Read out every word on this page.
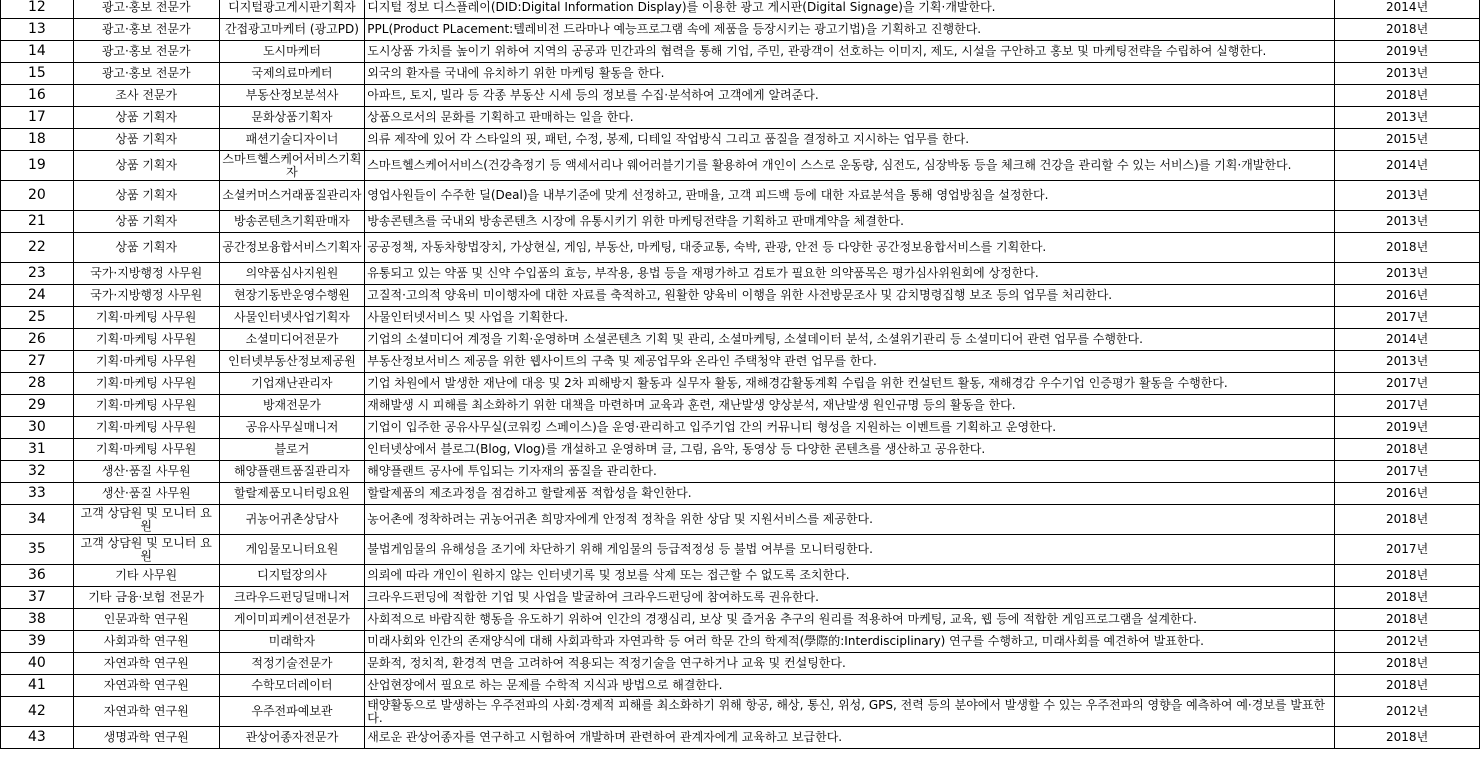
12	광고·홍보 전문가	디지털광고게시판기획자	디지털 정보 디스플레이(DID:Digital Information Display)를 이용한 광고 게시판(Digital Signage)을 기획·개발한다.	2014년
13	광고·홍보 전문가	간접광고마케터 (광고PD)	PPL(Product PLacement:텔레비전 드라마나 예능프로그램 속에 제품을 등장시키는 광고기법)을 기획하고 진행한다.	2018년
14	광고·홍보 전문가	도시마케터	도시상품 가치를 높이기 위하여 지역의 공공과 민간과의 협력을 통해 기업, 주민, 관광객이 선호하는 이미지, 제도, 시설을 구안하고 홍보 및 마케팅전략을 수립하여 실행한다.	2019년
15	광고·홍보 전문가	국제의료마케터	외국의 환자를 국내에 유치하기 위한 마케팅 활동을 한다.	2013년
16	조사 전문가	부동산정보분석사	아파트, 토지, 빌라 등 각종 부동산 시세 등의 정보를 수집·분석하여 고객에게 알려준다.	2018년
17	상품 기획자	문화상품기획자	상품으로서의 문화를 기획하고 판매하는 일을 한다.	2013년
18	상품 기획자	패션기술디자이너	의류 제작에 있어 각 스타일의 핏, 패턴, 수정, 봉제, 디테일 작업방식 그리고 품질을 결정하고 지시하는 업무를 한다.	2015년
19	상품 기획자	스마트헬스케어서비스기획자	스마트헬스케어서비스(건강측정기 등 액세서리나 웨어러블기기를 활용하여 개인이 스스로 운동량, 심전도, 심장박동 등을 체크해 건강을 관리할 수 있는 서비스)를 기획·개발한다.	2014년
20	상품 기획자	소셜커머스거래품질관리자	영업사원들이 수주한 딜(Deal)을 내부기준에 맞게 선정하고, 판매율, 고객 피드백 등에 대한 자료분석을 통해 영업방침을 설정한다.	2013년
21	상품 기획자	방송콘텐츠기획판매자	방송콘텐츠를 국내외 방송콘텐츠 시장에 유통시키기 위한 마케팅전략을 기획하고 판매계약을 체결한다.	2013년
22	상품 기획자	공간정보융합서비스기획자	공공정책, 자동차항법장치, 가상현실, 게임, 부동산, 마케팅, 대중교통, 숙박, 관광, 안전 등 다양한 공간정보융합서비스를 기획한다.	2018년
23	국가·지방행정 사무원	의약품심사지원원	유통되고 있는 약품 및 신약 수입품의 효능, 부작용, 용법 등을 재평가하고 검토가 필요한 의약품목은 평가심사위원회에 상정한다.	2013년
24	국가·지방행정 사무원	현장기동반운영수행원	고질적·고의적 양육비 미이행자에 대한 자료를 축적하고, 원활한 양육비 이행을 위한 사전방문조사 및 감치명령집행 보조 등의 업무를 처리한다.	2016년
25	기획·마케팅 사무원	사물인터넷사업기획자	사물인터넷서비스 및 사업을 기획한다.	2017년
26	기획·마케팅 사무원	소셜미디어전문가	기업의 소셜미디어 계정을 기획·운영하며 소셜콘텐츠 기획 및 관리, 소셜마케팅, 소셜데이터 분석, 소셜위기관리 등 소셜미디어 관련 업무를 수행한다.	2014년
27	기획·마케팅 사무원	인터넷부동산정보제공원	부동산정보서비스 제공을 위한 웹사이트의 구축 및 제공업무와 온라인 주택청약 관련 업무를 한다.	2013년
28	기획·마케팅 사무원	기업재난관리자	기업 차원에서 발생한 재난에 대응 및 2차 피해방지 활동과 실무자 활동, 재해경감활동계획 수립을 위한 컨설턴트 활동, 재해경감 우수기업 인증평가 활동을 수행한다.	2017년
29	기획·마케팅 사무원	방재전문가	재해발생 시 피해를 최소화하기 위한 대책을 마련하며 교육과 훈련, 재난발생 양상분석, 재난발생 원인규명 등의 활동을 한다.	2017년
30	기획·마케팅 사무원	공유사무실매니저	기업이 입주한 공유사무실(코워킹 스페이스)을 운영·관리하고 입주기업 간의 커뮤니티 형성을 지원하는 이벤트를 기획하고 운영한다.	2019년
31	기획·마케팅 사무원	블로거	인터넷상에서 블로그(Blog, Vlog)를 개설하고 운영하며 글, 그림, 음악, 동영상 등 다양한 콘텐츠를 생산하고 공유한다.	2018년
32	생산·품질 사무원	해양플랜트품질관리자	해양플랜트 공사에 투입되는 기자재의 품질을 관리한다.	2017년
33	생산·품질 사무원	할랄제품모니터링요원	할랄제품의 제조과정을 점검하고 할랄제품 적합성을 확인한다.	2016년
34	고객 상담원 및 모니터 요원	귀농어귀촌상담사	농어촌에 정착하려는 귀농어귀촌 희망자에게 안정적 정착을 위한 상담 및 지원서비스를 제공한다.	2018년
35	고객 상담원 및 모니터 요원	게임물모니터요원	불법게임물의 유해성을 조기에 차단하기 위해 게임물의 등급적정성 등 불법 여부를 모니터링한다.	2017년
36	기타 사무원	디지털장의사	의뢰에 따라 개인이 원하지 않는 인터넷기록 및 정보를 삭제 또는 접근할 수 없도록 조치한다.	2018년
37	기타 금융·보험 전문가	크라우드펀딩딜매니저	크라우드펀딩에 적합한 기업 및 사업을 발굴하여 크라우드펀딩에 참여하도록 권유한다.	2018년
38	인문과학 연구원	게이미피케이션전문가	사회적으로 바람직한 행동을 유도하기 위하여 인간의 경쟁심리, 보상 및 즐거움 추구의 원리를 적용하여 마케팅, 교육, 웹 등에 적합한 게임프로그램을 설계한다.	2018년
39	사회과학 연구원	미래학자	미래사회와 인간의 존재양식에 대해 사회과학과 자연과학 등 여러 학문 간의 학제적(學際的:Interdisciplinary) 연구를 수행하고, 미래사회를 예견하여 발표한다.	2012년
40	자연과학 연구원	적정기술전문가	문화적, 정치적, 환경적 면을 고려하여 적용되는 적정기술을 연구하거나 교육 및 컨설팅한다.	2018년
41	자연과학 연구원	수학모더레이터	산업현장에서 필요로 하는 문제를 수학적 지식과 방법으로 해결한다.	2018년
42	자연과학 연구원	우주전파예보관	태양활동으로 발생하는 우주전파의 사회·경제적 피해를 최소화하기 위해 항공, 해상, 통신, 위성, GPS, 전력 등의 분야에서 발생할 수 있는 우주전파의 영향을 예측하여 예·경보를 발표한다.	2012년
43	생명과학 연구원	관상어종자전문가	새로운 관상어종자를 연구하고 시험하여 개발하며 관련하여 관계자에게 교육하고 보급한다.	2018년
